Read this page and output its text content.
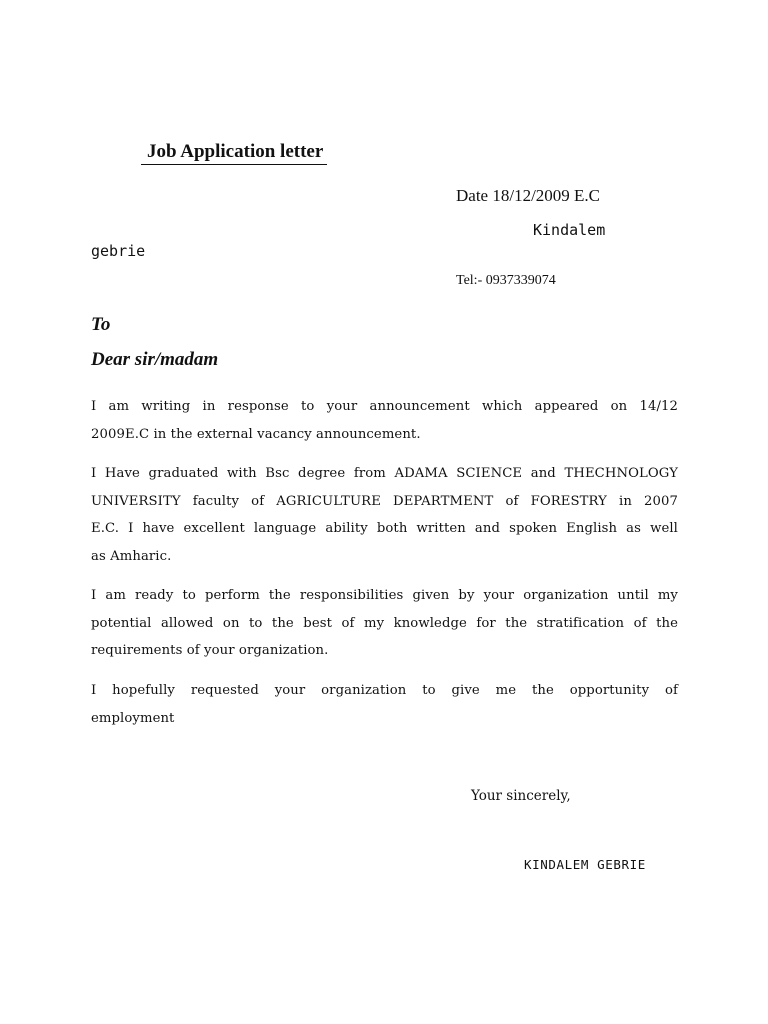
Job Application letter
Date 18/12/2009 E.C
Kindalem
gebrie
Tel:- 0937339074
To
Dear sir/madam
I am writing in response to your announcement which appeared on 14/12
2009E.C in the external vacancy announcement.
I Have graduated with Bsc degree from ADAMA SCIENCE and THECHNOLOGY
UNIVERSITY faculty of AGRICULTURE DEPARTMENT of FORESTRY in 2007
E.C. I have excellent language ability both written and spoken English as well
as Amharic.
I am ready to perform the responsibilities given by your organization until my
potential allowed on to the best of my knowledge for the stratification of the
requirements of your organization.
I hopefully requested your organization to give me the opportunity of
employment
Your sincerely,
KINDALEM GEBRIE
